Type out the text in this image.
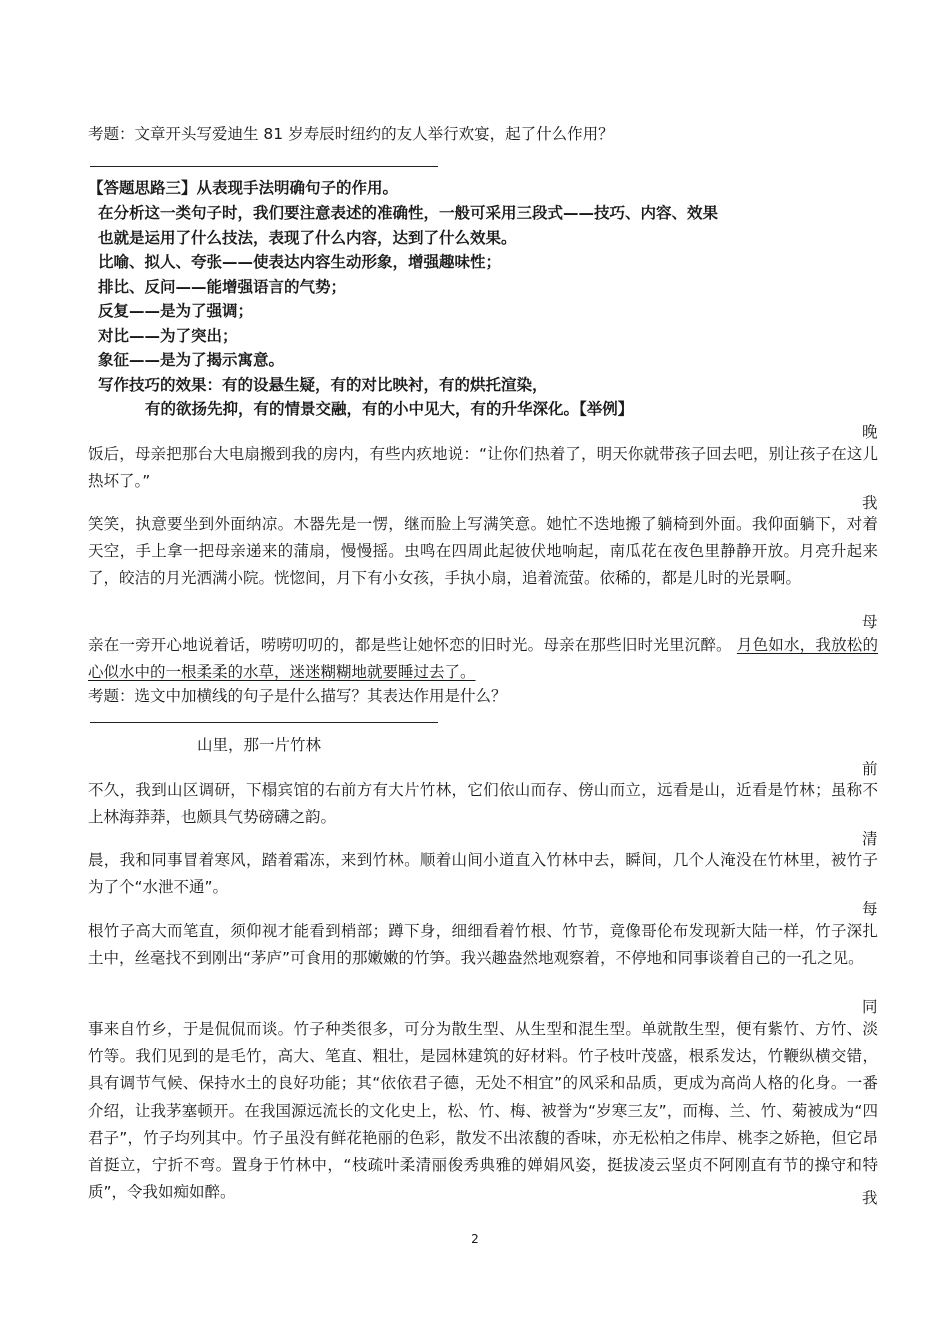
考题：文章开头写爱迪生 81 岁寿辰时纽约的友人举行欢宴，起了什么作用？
【答题思路三】从表现手法明确句子的作用。
在分析这一类句子时，我们要注意表述的准确性，一般可采用三段式——技巧、内容、效果
也就是运用了什么技法，表现了什么内容，达到了什么效果。
比喻、拟人、夸张——使表达内容生动形象，增强趣味性；
排比、反问——能增强语言的气势；
反复——是为了强调；
对比——为了突出；
象征——是为了揭示寓意。
写作技巧的效果：有的设悬生疑，有的对比映衬，有的烘托渲染，
有的欲扬先抑，有的情景交融，有的小中见大，有的升华深化。【举例】
晚
饭后，母亲把那台大电扇搬到我的房内，有些内疚地说：“让你们热着了，明天你就带孩子回去吧，别让孩子在这儿热坏了。”
我
笑笑，执意要坐到外面纳凉。木器先是一愣，继而脸上写满笑意。她忙不迭地搬了躺椅到外面。我仰面躺下，对着天空，手上拿一把母亲递来的蒲扇，慢慢摇。虫鸣在四周此起彼伏地响起，南瓜花在夜色里静静开放。月亮升起来了，皎洁的月光洒满小院。恍惚间，月下有小女孩，手执小扇，追着流萤。依稀的，都是儿时的光景啊。
母
亲在一旁开心地说着话，唠唠叨叨的，都是些让她怀恋的旧时光。母亲在那些旧时光里沉醉。 月色如水，我放松的心似水中的一根柔柔的水草，迷迷糊糊地就要睡过去了。
考题：选文中加横线的句子是什么描写？其表达作用是什么？
山里，那一片竹林
前
不久，我到山区调研，下榻宾馆的右前方有大片竹林，它们依山而存、傍山而立，远看是山，近看是竹林；虽称不上林海莽莽，也颇具气势磅礴之韵。
清
晨，我和同事冒着寒风，踏着霜冻，来到竹林。顺着山间小道直入竹林中去，瞬间，几个人淹没在竹林里，被竹子为了个“水泄不通”。
每
根竹子高大而笔直，须仰视才能看到梢部；蹲下身，细细看着竹根、竹节，竟像哥伦布发现新大陆一样，竹子深扎土中，丝毫找不到刚出“茅庐”可食用的那嫩嫩的竹笋。我兴趣盎然地观察着，不停地和同事谈着自己的一孔之见。
同
事来自竹乡，于是侃侃而谈。竹子种类很多，可分为散生型、从生型和混生型。单就散生型，便有紫竹、方竹、淡竹等。我们见到的是毛竹，高大、笔直、粗壮，是园林建筑的好材料。竹子枝叶茂盛，根系发达，竹鞭纵横交错，具有调节气候、保持水土的良好功能；其“依依君子德，无处不相宜”的风采和品质，更成为高尚人格的化身。一番介绍，让我茅塞顿开。在我国源远流长的文化史上，松、竹、梅、被誉为“岁寒三友”，而梅、兰、竹、菊被成为“四君子”，竹子均列其中。竹子虽没有鲜花艳丽的色彩，散发不出浓馥的香味，亦无松柏之伟岸、桃李之娇艳，但它昂首挺立，宁折不弯。置身于竹林中，“枝疏叶柔清丽俊秀典雅的婵娟风姿，挺拔凌云坚贞不阿刚直有节的操守和特质”，令我如痴如醉。	我
2
